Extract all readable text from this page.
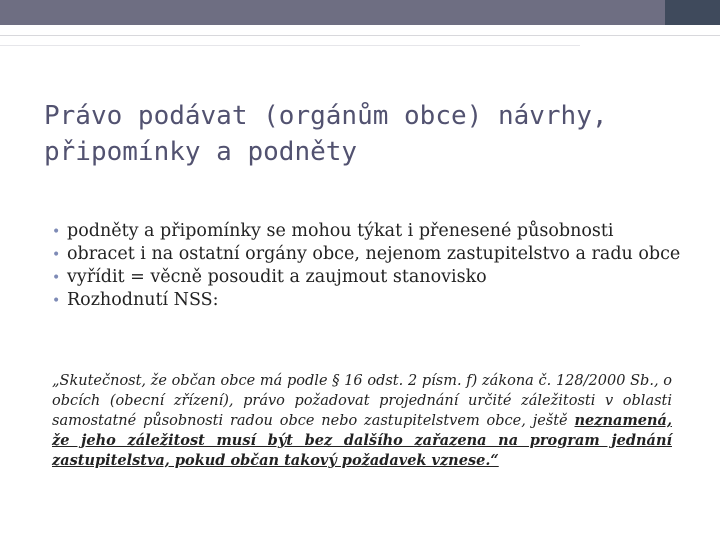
Právo podávat (orgánům obce) návrhy, připomínky a podněty
• podněty a připomínky se mohou týkat i přenesené působnosti
• obracet i na ostatní orgány obce, nejenom zastupitelstvo a radu obce
• vyřídit = věcně posoudit a zaujmout stanovisko
• Rozhodnutí NSS:

„Skutečnost, že občan obce má podle § 16 odst. 2 písm. f) zákona č. 128/2000 Sb., o obcích (obecní zřízení), právo požadovat projednání určité záležitosti v oblasti samostatné působnosti radou obce nebo zastupitelstvem obce, ještě neznamená, že jeho záležitost musí být bez dalšího zařazena na program jednání zastupitelstva, pokud občan takový požadavek vznese.“
